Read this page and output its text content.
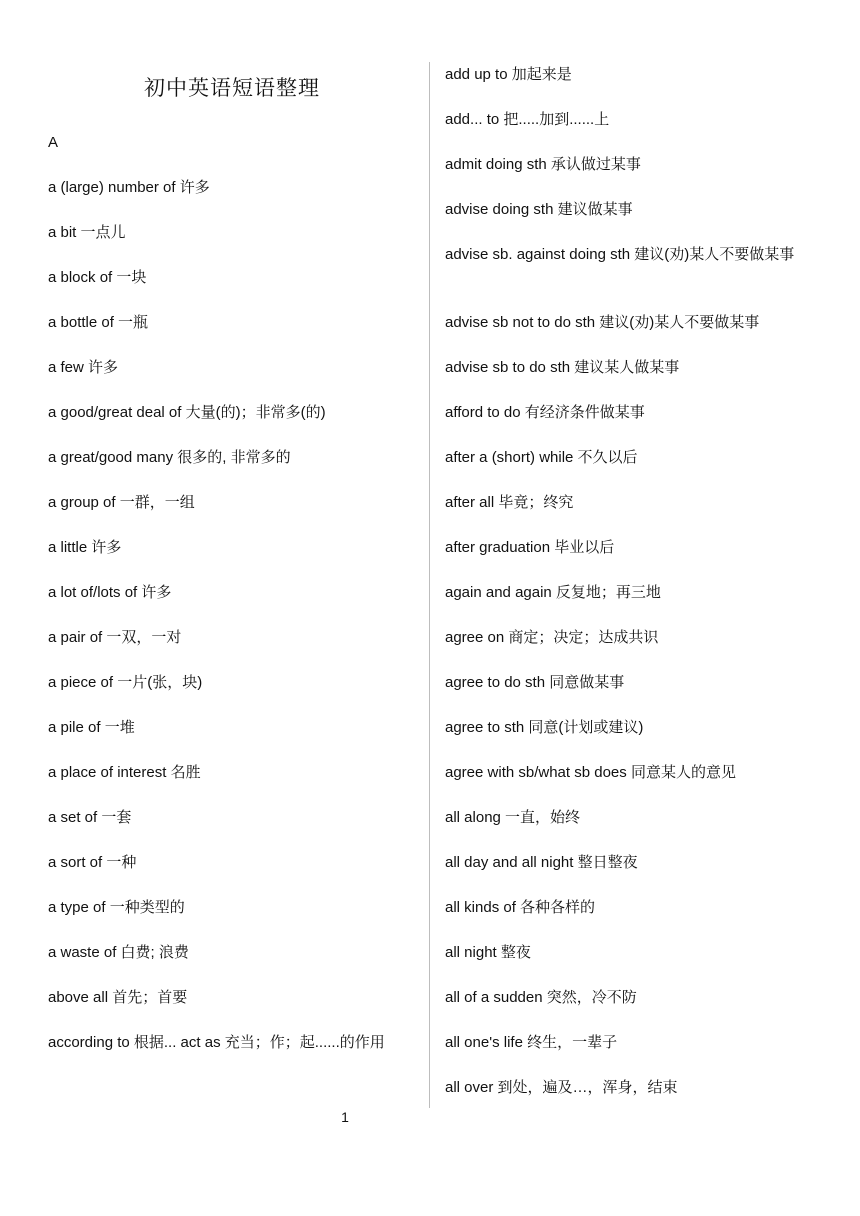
初中英语短语整理
A
a (large) number of 许多
a bit 一点儿
a block of 一块
a bottle of 一瓶
a few 许多
a good/great deal of 大量(的)；非常多(的)
a great/good many 很多的, 非常多的
a group of 一群，一组
a little 许多
a lot of/lots of 许多
a pair of 一双，一对
a piece of 一片(张，块)
a pile of 一堆
a place of interest 名胜
a set of 一套
a sort of 一种
a type of 一种类型的
a waste of 白费; 浪费
above all 首先；首要
according to 根据... act as 充当；作；起......的作用
add up to 加起来是
add... to 把.....加到......上
admit doing sth 承认做过某事
advise doing sth 建议做某事
advise sb. against doing sth 建议(劝)某人不要做某事
advise sb not to do sth 建议(劝)某人不要做某事
advise sb to do sth 建议某人做某事
afford to do 有经济条件做某事
after a (short) while 不久以后
after all 毕竟；终究
after graduation 毕业以后
again and again 反复地；再三地
agree on 商定；决定；达成共识
agree to do sth 同意做某事
agree to sth 同意(计划或建议)
agree with sb/what sb does 同意某人的意见
all along 一直，始终
all day and all night 整日整夜
all kinds of 各种各样的
all night 整夜
all of a sudden 突然，冷不防
all one's life 终生，一辈子
all over 到处，遍及…，浑身，结束
1
